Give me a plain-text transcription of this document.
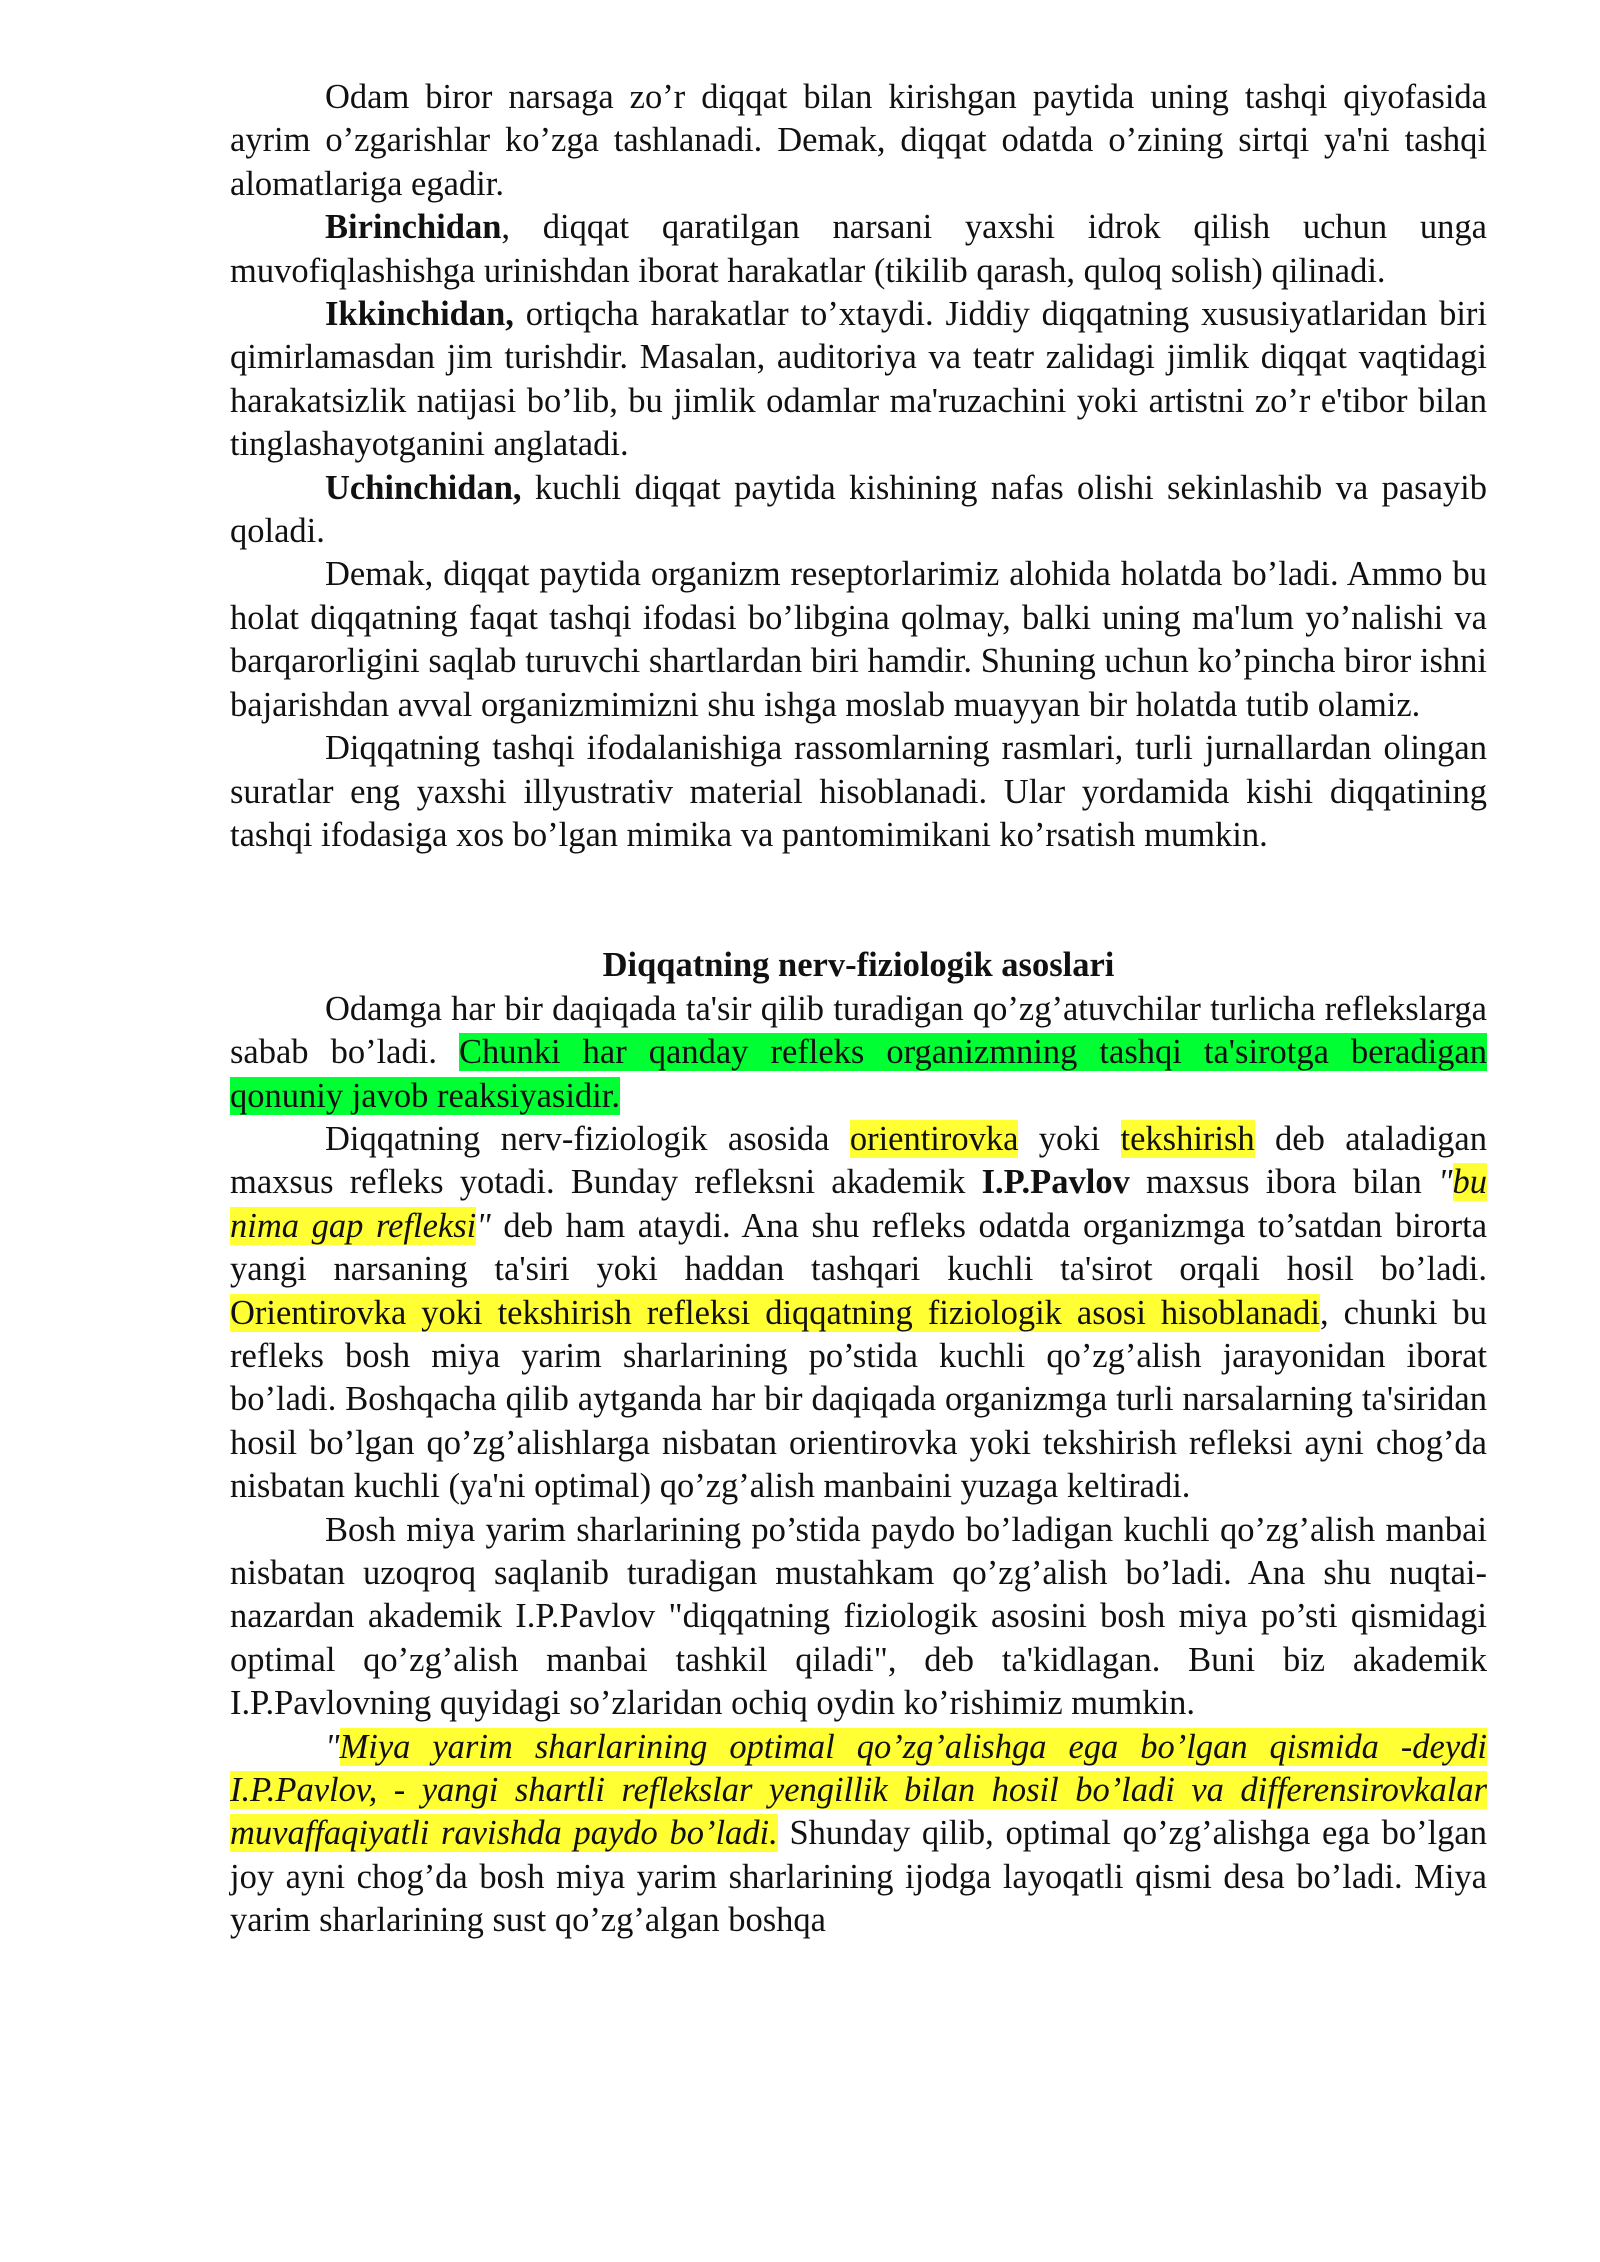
Odam biror narsaga zo’r diqqat bilan kirishgan paytida uning tashqi qiyofasida ayrim o’zgarishlar ko’zga tashlanadi. Demak, diqqat odatda o’zining sirtqi ya'ni tashqi alomatlariga egadir.

Birinchidan, diqqat qaratilgan narsani yaxshi idrok qilish uchun unga muvofiqlashishga urinishdan iborat harakatlar (tikilib qarash, quloq solish) qilinadi.

Ikkinchidan, ortiqcha harakatlar to’xtaydi. Jiddiy diqqatning xususiyatlaridan biri qimirlamasdan jim turishdir. Masalan, auditoriya va teatr zalidagi jimlik diqqat vaqtidagi harakatsizlik natijasi bo’lib, bu jimlik odamlar ma'ruzachini yoki artistni zo’r e'tibor bilan tinglashayotganini anglatadi.

Uchinchidan, kuchli diqqat paytida kishining nafas olishi sekinlashib va pasayib qoladi.

Demak, diqqat paytida organizm reseptorlarimiz alohida holatda bo’ladi. Ammo bu holat diqqatning faqat tashqi ifodasi bo’libgina qolmay, balki uning ma'lum yo’nalishi va barqarorligini saqlab turuvchi shartlardan biri hamdir. Shuning uchun ko’pincha biror ishni bajarishdan avval organizmimizni shu ishga moslab muayyan bir holatda tutib olamiz.

Diqqatning tashqi ifodalanishiga rassomlarning rasmlari, turli jurnallardan olingan suratlar eng yaxshi illyustrativ material hisoblanadi. Ular yordamida kishi diqqatining tashqi ifodasiga xos bo’lgan mimika va pantomimikani ko’rsatish mumkin.

Diqqatning nerv-fiziologik asoslari

Odamga har bir daqiqada ta'sir qilib turadigan qo’zg’atuvchilar turlicha reflekslarga sabab bo’ladi. Chunki har qanday refleks organizmning tashqi ta'sirotga beradigan qonuniy javob reaksiyasidir.

Diqqatning nerv-fiziologik asosida orientirovka yoki tekshirish deb ataladigan maxsus refleks yotadi. Bunday refleksni akademik I.P.Pavlov maxsus ibora bilan "bu nima gap refleksi" deb ham ataydi. Ana shu refleks odatda organizmga to’satdan birorta yangi narsaning ta'siri yoki haddan tashqari kuchli ta'sirot orqali hosil bo’ladi. Orientirovka yoki tekshirish refleksi diqqatning fiziologik asosi hisoblanadi, chunki bu refleks bosh miya yarim sharlarining po’stida kuchli qo’zg’alish jarayonidan iborat bo’ladi. Boshqacha qilib aytganda har bir daqiqada organizmga turli narsalarning ta'siridan hosil bo’lgan qo’zg’alishlarga nisbatan orientirovka yoki tekshirish refleksi ayni chog’da nisbatan kuchli (ya'ni optimal) qo’zg’alish manbaini yuzaga keltiradi.

Bosh miya yarim sharlarining po’stida paydo bo’ladigan kuchli qo’zg’alish manbai nisbatan uzoqroq saqlanib turadigan mustahkam qo’zg’alish bo’ladi. Ana shu nuqtai- nazardan akademik I.P.Pavlov "diqqatning fiziologik asosini bosh miya po’sti qismidagi optimal qo’zg’alish manbai tashkil qiladi", deb ta'kidlagan. Buni biz akademik I.P.Pavlovning quyidagi so’zlaridan ochiq oydin ko’rishimiz mumkin.

"Miya yarim sharlarining optimal qo’zg’alishga ega bo’lgan qismida -deydi I.P.Pavlov, - yangi shartli reflekslar yengillik bilan hosil bo’ladi va differensirovkalar muvaffaqiyatli ravishda paydo bo’ladi. Shunday qilib, optimal qo’zg’alishga ega bo’lgan joy ayni chog’da bosh miya yarim sharlarining ijodga layoqatli qismi desa bo’ladi. Miya yarim sharlarining sust qo’zg’algan boshqa
